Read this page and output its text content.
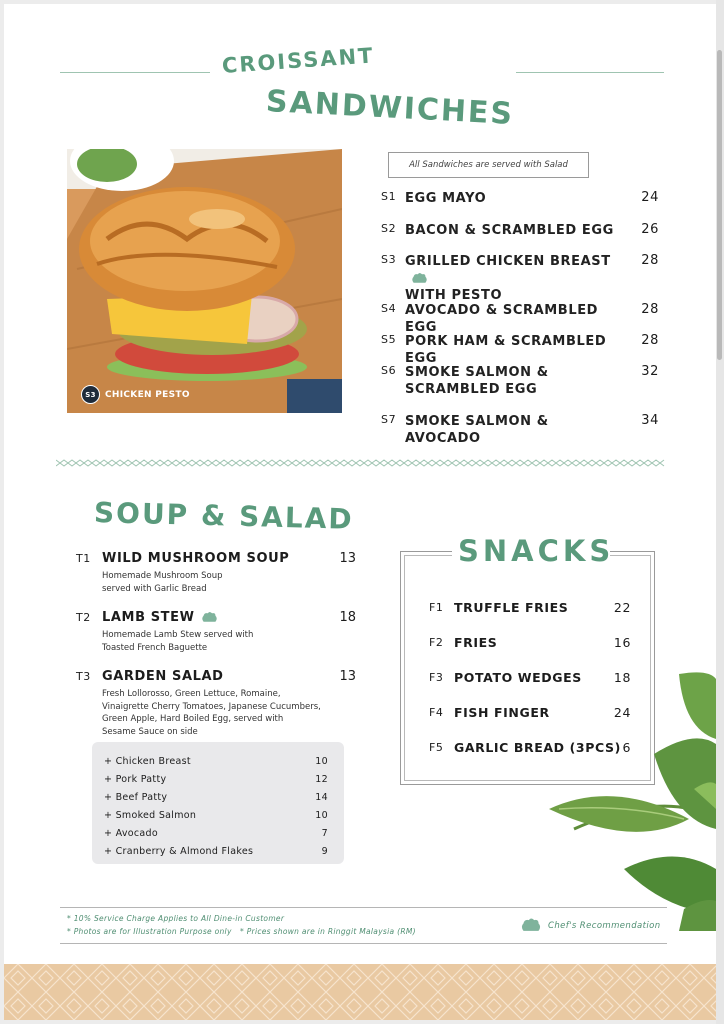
CROISSANT
SANDWICHES
S3	CHICKEN PESTO
All Sandwiches are served with Salad
S1 EGG MAYO	24
S2 BACON & SCRAMBLED EGG	26
S3 GRILLED CHICKEN BREAST
WITH PESTO
28
S4 AVOCADO & SCRAMBLED EGG
28
S5 PORK HAM & SCRAMBLED EGG
28
S6 SMOKE SALMON &
SCRAMBLED EGG
32
S7 SMOKE SALMON & AVOCADO
34
SOUP & SALAD
T1 WILD MUSHROOM SOUP	13
Homemade Mushroom Soup
served with Garlic Bread
T2 LAMB STEW	18
Homemade Lamb Stew served with
Toasted French Baguette
T3 GARDEN SALAD	13
Fresh Lollorosso, Green Lettuce, Romaine,
Vinaigrette Cherry Tomatoes, Japanese Cucumbers,
Green Apple, Hard Boiled Egg, served with
Sesame Sauce on side
+ Chicken Breast	10
+ Pork Patty	12
+ Beef Patty	14
+ Smoked Salmon	10
+ Avocado	7
+ Cranberry & Almond Flakes	9
SNACKS
F1 TRUFFLE FRIES	22
F2 FRIES	16
F3 POTATO WEDGES	18
F4 FISH FINGER	24
F5 GARLIC BREAD (3PCS) 6
* 10% Service Charge Applies to All Dine-in Customer
* Photos are for Illustration Purpose only * Prices shown are in Ringgit Malaysia (RM)
Chef's Recommendation
